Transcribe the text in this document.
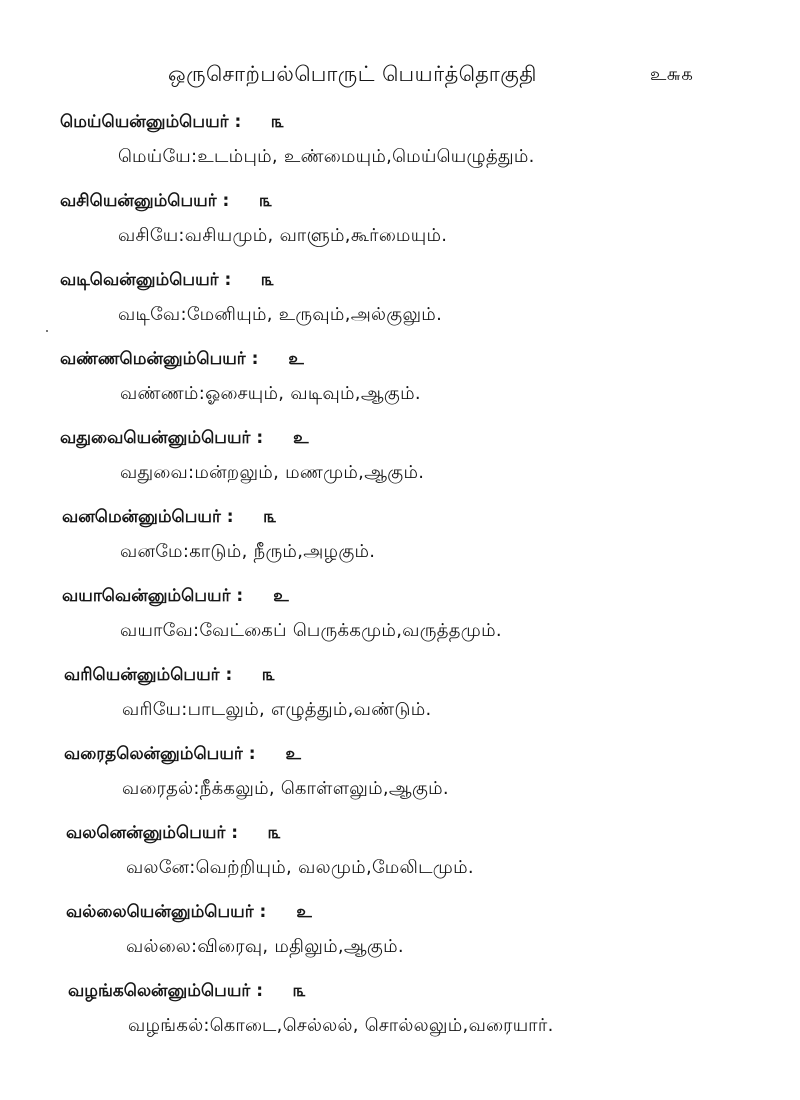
ஒருசொற்பல்பொருட் பெயர்த்தொகுதி	உ௬௧
மெய்யென்னும்பெயர் : ௩
மெய்யே:உடம்பும், உண்மையும்,மெய்யெழுத்தும்.
வசியென்னும்பெயர் : ௩
வசியே:வசியமும், வாளும்,கூர்மையும்.
வடிவென்னும்பெயர் : ௩
வடிவே:மேனியும், உருவும்,அல்குலும்.
வண்ணமென்னும்பெயர் : உ
வண்ணம்:ஓசையும், வடிவும்,ஆகும்.
வதுவையென்னும்பெயர் : உ
வதுவை:மன்றலும், மணமும்,ஆகும்.
வனமென்னும்பெயர் : ௩
வனமே:காடும், நீரும்,அழகும்.
வயாவென்னும்பெயர் : உ
வயாவே:வேட்கைப் பெருக்கமும்,வருத்தமும்.
வரியென்னும்பெயர் : ௩
வரியே:பாடலும், எழுத்தும்,வண்டும்.
வரைதலென்னும்பெயர் : உ
வரைதல்:நீக்கலும், கொள்ளலும்,ஆகும்.
வலனென்னும்பெயர் : ௩
வலனே:வெற்றியும், வலமும்,மேலிடமும்.
வல்லையென்னும்பெயர் : உ
வல்லை:விரைவு, மதிலும்,ஆகும்.
வழங்கலென்னும்பெயர் : ௩
வழங்கல்:கொடை,செல்லல், சொல்லலும்,வரையார்.
